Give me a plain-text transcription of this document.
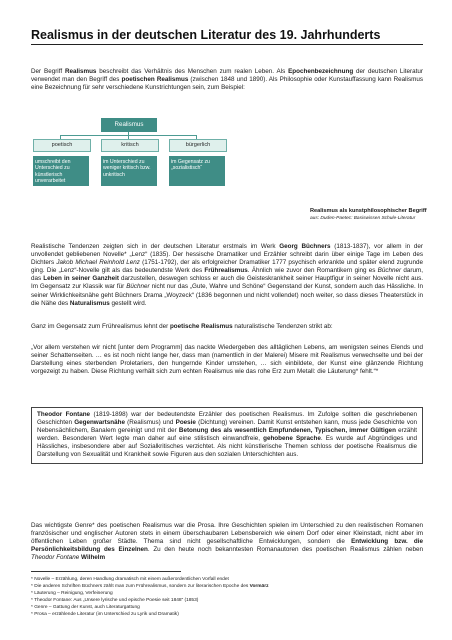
Realismus in der deutschen Literatur des 19. Jahrhunderts
Der Begriff Realismus beschreibt das Verhältnis des Menschen zum realen Leben. Als Epochenbezeichnung der deutschen Literatur verwendet man den Begriff des poetischen Realismus (zwischen 1848 und 1890). Als Philosophie oder Kunstauffassung kann Realismus eine Bezeichnung für sehr verschiedene Kunstrichtungen sein, zum Beispiel:
Realismus
poetisch	kritisch	bürgerlich
umschreibt den Unterschied zu künstlerisch unverarbeitet
im Unterschied zu weniger kritisch bzw. unkritisch
im Gegensatz zu „sozialistisch“
Realismus als kunstphilosophischer Begriff
aus: Duden-Paetec: Basiswissen Schule-Literatur
Realistische Tendenzen zeigten sich in der deutschen Literatur erstmals im Werk Georg Büchners (1813-1837), vor allem in der unvollendet gebliebenen Novelle* „Lenz“ (1835). Der hessische Dramatiker und Erzähler schreibt darin über einige Tage im Leben des Dichters Jakob Michael Reinhold Lenz (1751-1792), der als erfolgreicher Dramatiker 1777 psychisch erkrankte und später elend zugrunde ging. Die „Lenz“-Novelle gilt als das bedeutendste Werk des Frührealismus. Ähnlich wie zuvor den Romantikern ging es Büchner darum, das Leben in seiner Ganzheit darzustellen, deswegen schloss er auch die Geisteskrankheit seiner Hauptfigur in seiner Novelle nicht aus. Im Gegensatz zur Klassik war für Büchner nicht nur das „Gute, Wahre und Schöne“ Gegenstand der Kunst, sondern auch das Hässliche. In seiner Wirklichkeitsnähe geht Büchners Drama „Woyzeck“ (1836 begonnen und nicht vollendet) noch weiter, so dass dieses Theaterstück in die Nähe des Naturalismus gestellt wird.
Ganz im Gegensatz zum Frührealismus lehnt der poetische Realismus naturalistische Tendenzen strikt ab:
„Vor allem verstehen wir nicht [unter dem Programm] das nackte Wiedergeben des alltäglichen Lebens, am wenigsten seines Elends und seiner Schattenseiten. … es ist noch nicht lange her, dass man (namentlich in der Malerei) Misere mit Realismus verwechselte und bei der Darstellung eines sterbenden Proletariers, den hungernde Kinder umstehen, … sich einbildete, der Kunst eine glänzende Richtung vorgezeigt zu haben. Diese Richtung verhält sich zum echten Realismus wie das rohe Erz zum Metall: die Läuterung* fehlt.“*
Theodor Fontane (1819-1898) war der bedeutendste Erzähler des poetischen Realismus. Im Zufolge sollten die geschriebenen Geschichten Gegenwartsnähe (Realismus) und Poesie (Dichtung) vereinen. Damit Kunst entstehen kann, muss jede Geschichte von Nebensächlichem, Banalem gereinigt und mit der Betonung des als wesentlich Empfundenen, Typischen, immer Gültigen erzählt werden. Besonderen Wert legte man daher auf eine stilistisch einwandfreie, gehobene Sprache. Es wurde auf Abgründiges und Hässliches, insbesondere aber auf Sozialkritisches verzichtet. Als nicht künstlerische Themen schloss der poetische Realismus die Darstellung von Sexualität und Krankheit sowie Figuren aus den sozialen Unterschichten aus.
Das wichtigste Genre* des poetischen Realismus war die Prosa. Ihre Geschichten spielen im Unterschied zu den realistischen Romanen französischer und englischer Autoren stets in einem überschaubaren Lebensbereich wie einem Dorf oder einer Kleinstadt, nicht aber im öffentlichen Leben großer Städte. Thema sind nicht gesellschaftliche Entwicklungen, sondern die Entwicklung bzw. die Persönlichkeitsbildung des Einzelnen. Zu den heute noch bekanntesten Romanautoren des poetischen Realismus zählen neben Theodor Fontane Wilhelm
* Novelle – Erzählung, deren Handlung dramatisch mit einem außerordentlichen Vorfall endet
* Die anderen Schriften Büchners zählt man zum Frührealismus, sondern zur literarischen Epoche des Vormärz
* Läuterung – Reinigung, Verfeinerung
* Theodor Fontane: Aus „Unsere lyrische und epische Poesie seit 1848“ (1853)
* Genre – Gattung der Kunst, auch Literaturgattung
* Prosa – erzählende Literatur (im Unterschied zu Lyrik und Dramatik)
